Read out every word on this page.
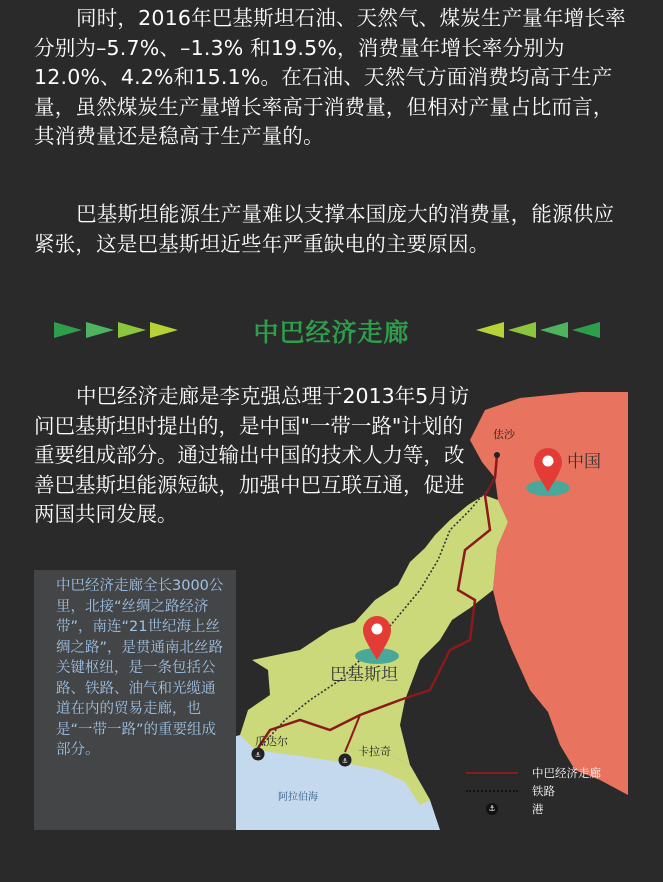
同时，2016年巴基斯坦石油、天然气、煤炭生产量年增长率分别为–5.7%、–1.3% 和19.5%，消费量年增长率分别为12.0%、4.2%和15.1%。在石油、天然气方面消费均高于生产量，虽然煤炭生产量增长率高于消费量，但相对产量占比而言，其消费量还是稳高于生产量的。

巴基斯坦能源生产量难以支撑本国庞大的消费量，能源供应紧张，这是巴基斯坦近些年严重缺电的主要原因。

中巴经济走廊
⚓
⚓
中国
巴基斯坦
佉沙
瓜达尔
卡拉奇
阿拉伯海

中巴经济走廊是李克强总理于2013年5月访问巴基斯坦时提出的，是中国"一带一路"计划的重要组成部分。通过输出中国的技术人力等，改善巴基斯坦能源短缺，加强中巴互联互通，促进两国共同发展。

中巴经济走廊全长3000公里，北接“丝绸之路经济带”，南连“21世纪海上丝绸之路”，是贯通南北丝路关键枢纽，是一条包括公路、铁路、油气和光缆通道在内的贸易走廊，也是“一带一路”的重要组成部分。
中巴经济走廊
铁路
⚓	港
